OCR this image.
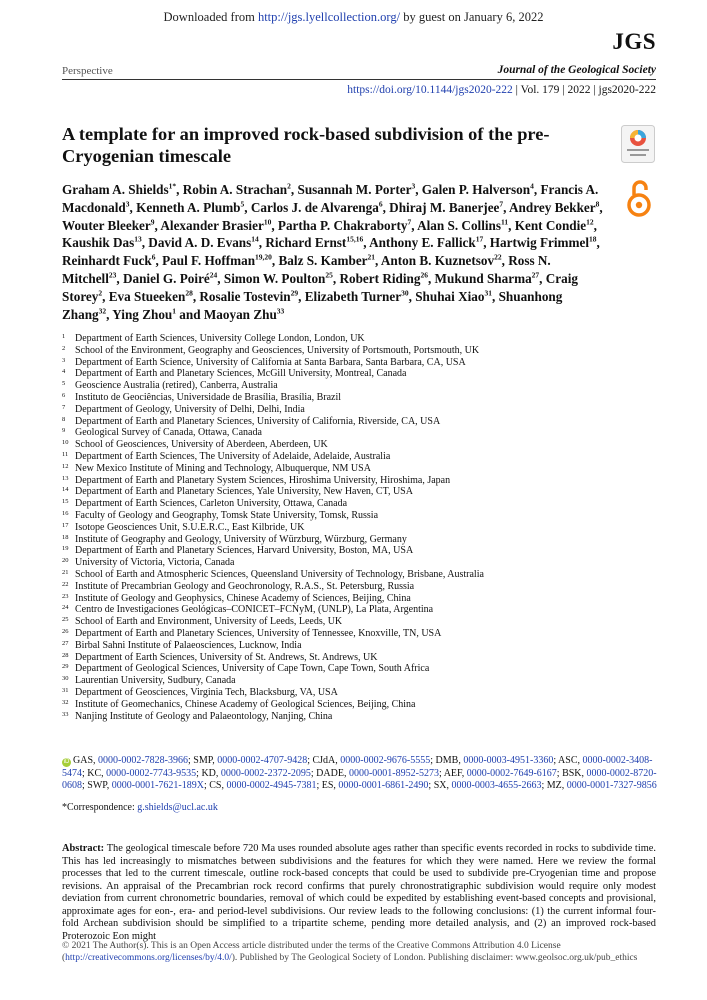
Downloaded from http://jgs.lyellcollection.org/ by guest on January 6, 2022
Perspective
JGS
Journal of the Geological Society
https://doi.org/10.1144/jgs2020-222 | Vol. 179 | 2022 | jgs2020-222
A template for an improved rock-based subdivision of the pre-Cryogenian timescale
Graham A. Shields$^{1*}$, Robin A. Strachan$^2$, Susannah M. Porter$^3$, Galen P. Halverson$^4$, Francis A. Macdonald$^3$, Kenneth A. Plumb$^5$, Carlos J. de Alvarenga$^6$, Dhiraj M. Banerjee$^7$, Andrey Bekker$^8$, Wouter Bleeker$^9$, Alexander Brasier$^{10}$, Partha P. Chakraborty$^7$, Alan S. Collins$^{11}$, Kent Condie$^{12}$, Kaushik Das$^{13}$, David A. D. Evans$^{14}$, Richard Ernst$^{15,16}$, Anthony E. Fallick$^{17}$, Hartwig Frimmel$^{18}$, Reinhardt Fuck$^6$, Paul F. Hoffman$^{19,20}$, Balz S. Kamber$^{21}$, Anton B. Kuznetsov$^{22}$, Ross N. Mitchell$^{23}$, Daniel G. Poiré$^{24}$, Simon W. Poulton$^{25}$, Robert Riding$^{26}$, Mukund Sharma$^{27}$, Craig Storey$^2$, Eva Stueeken$^{28}$, Rosalie Tostevin$^{29}$, Elizabeth Turner$^{30}$, Shuhai Xiao$^{31}$, Shuanhong Zhang$^{32}$, Ying Zhou$^1$ and Maoyan Zhu$^{33}$
1 Department of Earth Sciences, University College London, London, UK
2 School of the Environment, Geography and Geosciences, University of Portsmouth, Portsmouth, UK
3 Department of Earth Science, University of California at Santa Barbara, Santa Barbara, CA, USA
4 Department of Earth and Planetary Sciences, McGill University, Montreal, Canada
5 Geoscience Australia (retired), Canberra, Australia
6 Instituto de Geociências, Universidade de Brasília, Brasília, Brazil
7 Department of Geology, University of Delhi, Delhi, India
8 Department of Earth and Planetary Sciences, University of California, Riverside, CA, USA
9 Geological Survey of Canada, Ottawa, Canada
10 School of Geosciences, University of Aberdeen, Aberdeen, UK
11 Department of Earth Sciences, The University of Adelaide, Adelaide, Australia
12 New Mexico Institute of Mining and Technology, Albuquerque, NM USA
13 Department of Earth and Planetary System Sciences, Hiroshima University, Hiroshima, Japan
14 Department of Earth and Planetary Sciences, Yale University, New Haven, CT, USA
15 Department of Earth Sciences, Carleton University, Ottawa, Canada
16 Faculty of Geology and Geography, Tomsk State University, Tomsk, Russia
17 Isotope Geosciences Unit, S.U.E.R.C., East Kilbride, UK
18 Institute of Geography and Geology, University of Würzburg, Würzburg, Germany
19 Department of Earth and Planetary Sciences, Harvard University, Boston, MA, USA
20 University of Victoria, Victoria, Canada
21 School of Earth and Atmospheric Sciences, Queensland University of Technology, Brisbane, Australia
22 Institute of Precambrian Geology and Geochronology, R.A.S., St. Petersburg, Russia
23 Institute of Geology and Geophysics, Chinese Academy of Sciences, Beijing, China
24 Centro de Investigaciones Geológicas–CONICET–FCNyM, (UNLP), La Plata, Argentina
25 School of Earth and Environment, University of Leeds, Leeds, UK
26 Department of Earth and Planetary Sciences, University of Tennessee, Knoxville, TN, USA
27 Birbal Sahni Institute of Palaeosciences, Lucknow, India
28 Department of Earth Sciences, University of St. Andrews, St. Andrews, UK
29 Department of Geological Sciences, University of Cape Town, Cape Town, South Africa
30 Laurentian University, Sudbury, Canada
31 Department of Geosciences, Virginia Tech, Blacksburg, VA, USA
32 Institute of Geomechanics, Chinese Academy of Geological Sciences, Beijing, China
33 Nanjing Institute of Geology and Palaeontology, Nanjing, China
iD GAS, 0000-0002-7828-3966; SMP, 0000-0002-4707-9428; CJdA, 0000-0002-9676-5555; DMB, 0000-0003-4951-3360; ASC, 0000-0002-3408-5474; KC, 0000-0002-7743-9535; KD, 0000-0002-2372-2095; DADE, 0000-0001-8952-5273; AEF, 0000-0002-7649-6167; BSK, 0000-0002-8720-0608; SWP, 0000-0001-7621-189X; CS, 0000-0002-4945-7381; ES, 0000-0001-6861-2490; SX, 0000-0003-4655-2663; MZ, 0000-0001-7327-9856
*Correspondence: g.shields@ucl.ac.uk
Abstract: The geological timescale before 720 Ma uses rounded absolute ages rather than specific events recorded in rocks to subdivide time. This has led increasingly to mismatches between subdivisions and the features for which they were named. Here we review the formal processes that led to the current timescale, outline rock-based concepts that could be used to subdivide pre-Cryogenian time and propose revisions. An appraisal of the Precambrian rock record confirms that purely chronostratigraphic subdivision would require only modest deviation from current chronometric boundaries, removal of which could be expedited by establishing event-based concepts and provisional, approximate ages for eon-, era- and period-level subdivisions. Our review leads to the following conclusions: (1) the current informal four-fold Archean subdivision should be simplified to a tripartite scheme, pending more detailed analysis, and (2) an improved rock-based Proterozoic Eon might
© 2021 The Author(s). This is an Open Access article distributed under the terms of the Creative Commons Attribution 4.0 License (http://creativecommons.org/licenses/by/4.0/). Published by The Geological Society of London. Publishing disclaimer: www.geolsoc.org.uk/pub_ethics
